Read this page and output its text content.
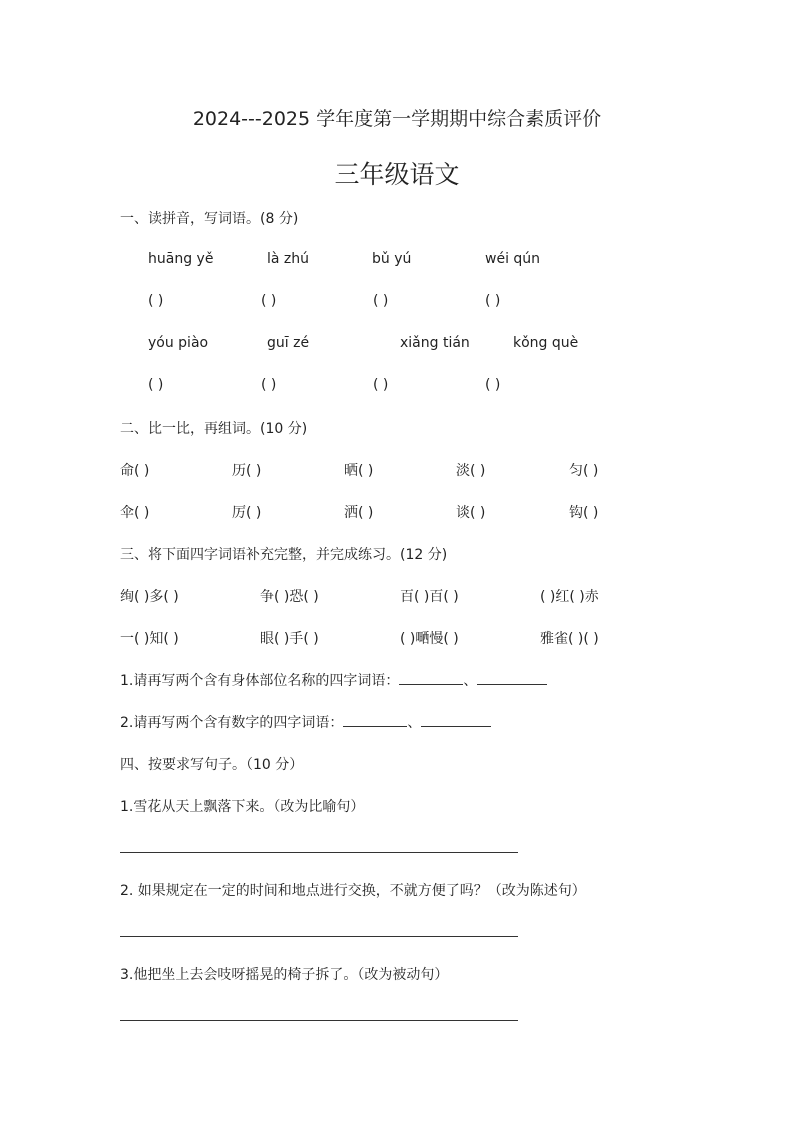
2024---2025 学年度第一学期期中综合素质评价
三年级语文
一、读拼音，写词语。(8 分)
huāng yě	là zhú	bǔ yú	wéi qún
( )	( )	( )	( )
yóu piào	guī zé	xiǎng tián	kǒng què
( )	( )	( )	( )
二、比一比，再组词。(10 分)
命( )	历( )	晒( )	淡( )	匀( )
伞( )	厉( )	洒( )	谈( )	钩( )
三、将下面四字词语补充完整，并完成练习。(12 分)
绚( )多( )	争( )恐( )	百( )百( )	( )红( )赤
一( )知( )	眼( )手( )	( )嗮慢( )	雅雀( )( )
1.请再写两个含有身体部位名称的四字词语：	、
2.请再写两个含有数字的四字词语：	、
四、按要求写句子。（10 分）
1.雪花从天上飘落下来。（改为比喻句）
2. 如果规定在一定的时间和地点进行交换，不就方便了吗？（改为陈述句）
3.他把坐上去会吱呀摇晃的椅子拆了。（改为被动句）
